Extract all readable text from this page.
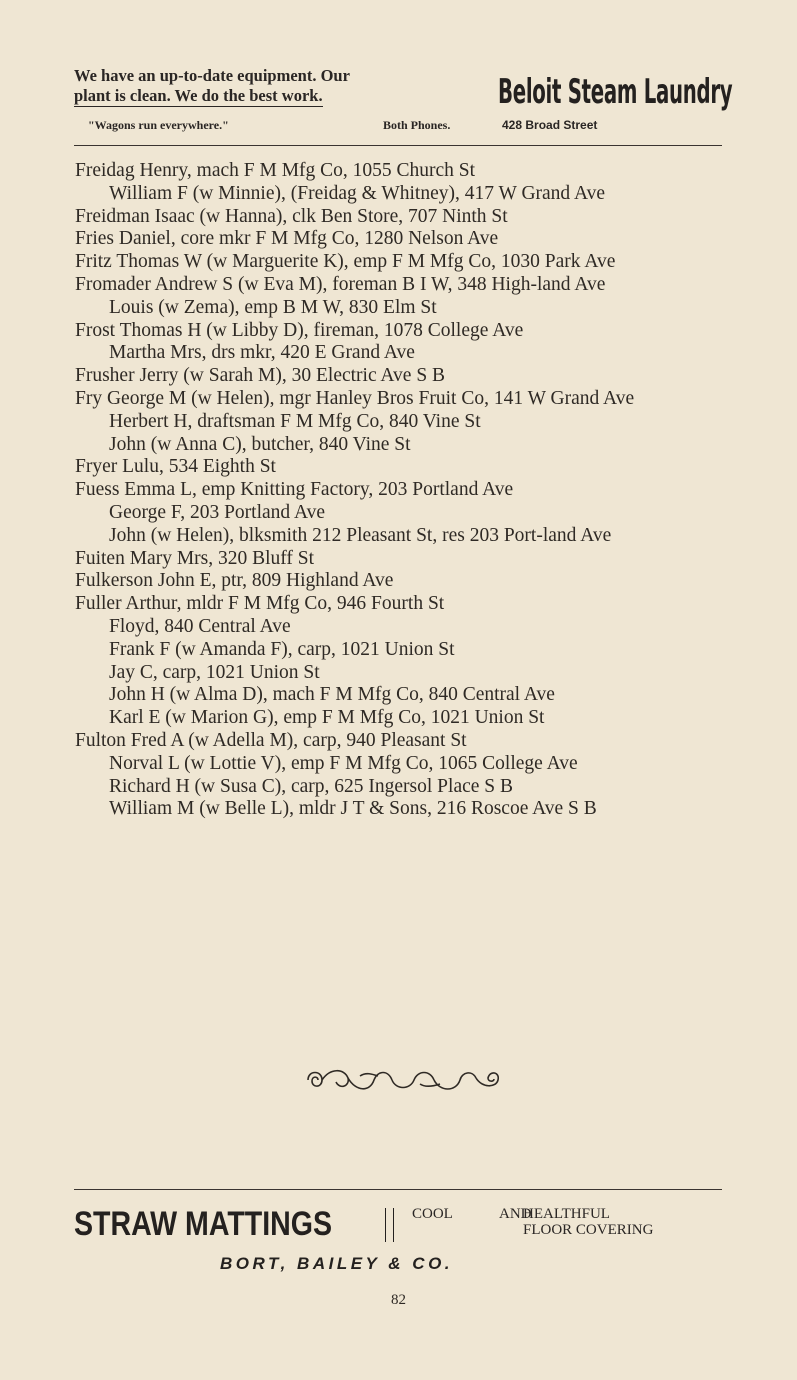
We have an up-to-date equipment. Our
plant is clean. We do the best work.	Beloit Steam Laundry
"Wagons run everywhere."	Both Phones.	428 Broad Street
Freidag Henry, mach F M Mfg Co, 1055 Church St
William F (w Minnie), (Freidag & Whitney), 417 W Grand Ave
Freidman Isaac (w Hanna), clk Ben Store, 707 Ninth St
Fries Daniel, core mkr F M Mfg Co, 1280 Nelson Ave
Fritz Thomas W (w Marguerite K), emp F M Mfg Co, 1030 Park Ave
Fromader Andrew S (w Eva M), foreman B I W, 348 High-land Ave
Louis (w Zema), emp B M W, 830 Elm St
Frost Thomas H (w Libby D), fireman, 1078 College Ave
Martha Mrs, drs mkr, 420 E Grand Ave
Frusher Jerry (w Sarah M), 30 Electric Ave S B
Fry George M (w Helen), mgr Hanley Bros Fruit Co, 141 W Grand Ave
Herbert H, draftsman F M Mfg Co, 840 Vine St
John (w Anna C), butcher, 840 Vine St
Fryer Lulu, 534 Eighth St
Fuess Emma L, emp Knitting Factory, 203 Portland Ave
George F, 203 Portland Ave
John (w Helen), blksmith 212 Pleasant St, res 203 Port-land Ave
Fuiten Mary Mrs, 320 Bluff St
Fulkerson John E, ptr, 809 Highland Ave
Fuller Arthur, mldr F M Mfg Co, 946 Fourth St
Floyd, 840 Central Ave
Frank F (w Amanda F), carp, 1021 Union St
Jay C, carp, 1021 Union St
John H (w Alma D), mach F M Mfg Co, 840 Central Ave
Karl E (w Marion G), emp F M Mfg Co, 1021 Union St
Fulton Fred A (w Adella M), carp, 940 Pleasant St
Norval L (w Lottie V), emp F M Mfg Co, 1065 College Ave
Richard H (w Susa C), carp, 625 Ingersol Place S B
William M (w Belle L), mldr J T & Sons, 216 Roscoe Ave S B
STRAW MATTINGS	COOL	AND
HEALTHFUL
FLOOR COVERING
BORT, BAILEY & CO.
82
